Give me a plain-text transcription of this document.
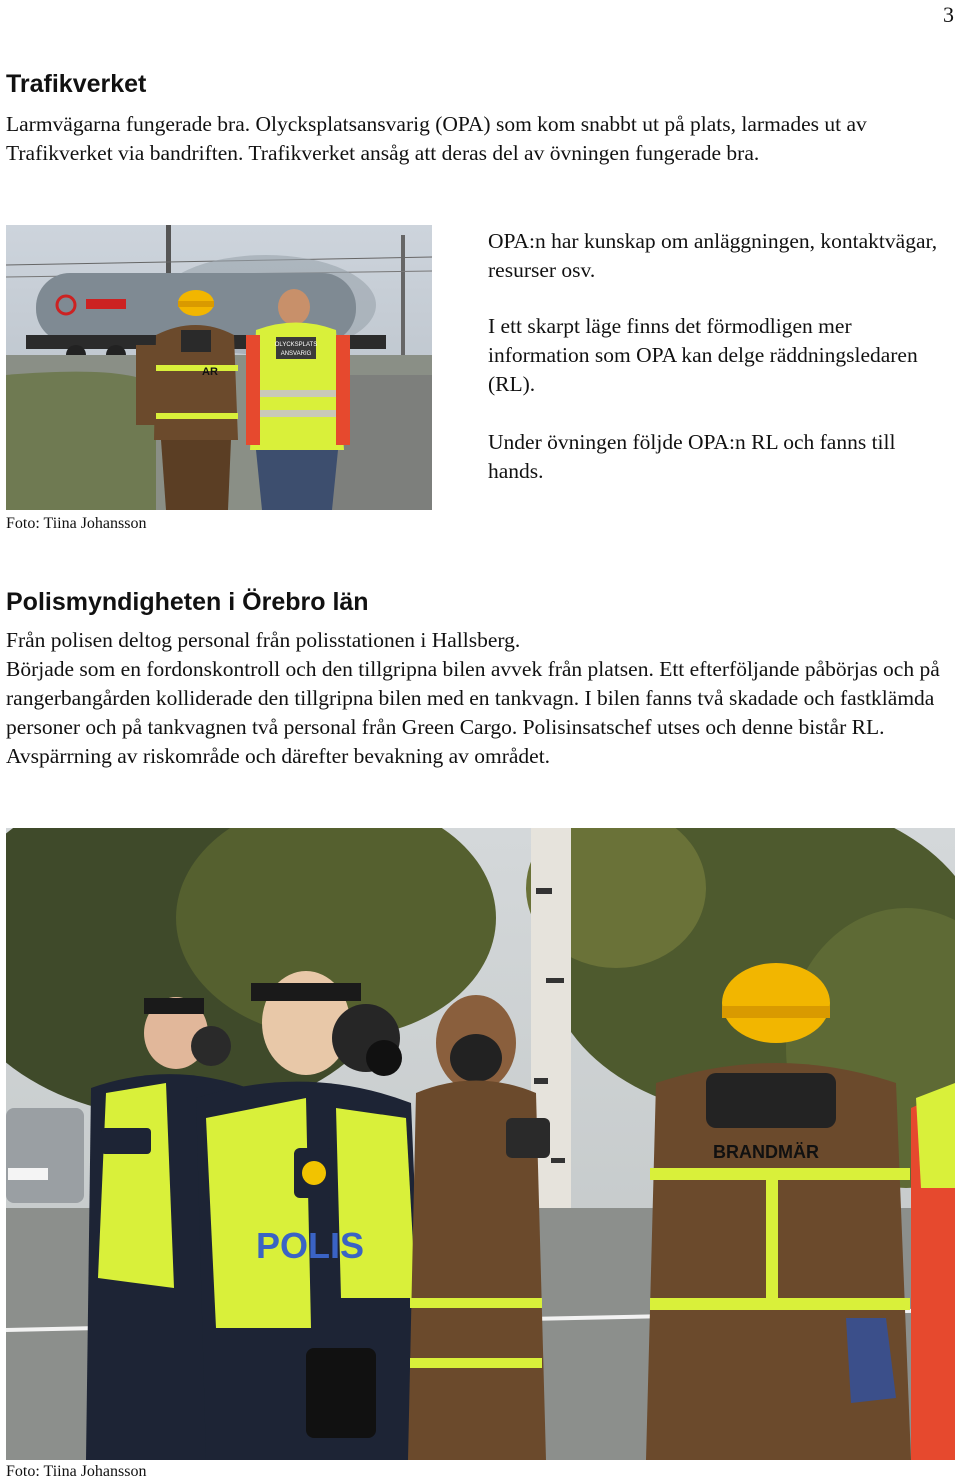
3
Trafikverket

Larmvägarna fungerade bra. Olycksplatsansvarig (OPA) som kom snabbt ut på plats, larmades ut av Trafikverket via bandriften. Trafikverket ansåg att deras del av övningen fungerade bra.

AR
OLYCKSPLATS
ANSVARIG

OPA:n har kunskap om anläggningen, kontaktvägar, resurser osv.

I ett skarpt läge finns det förmodligen mer information som OPA kan delge räddningsledaren (RL).

Under övningen följde OPA:n RL och fanns till hands.

Foto: Tiina Johansson

Polismyndigheten i Örebro län

Från polisen deltog personal från polisstationen i Hallsberg.

Började som en fordonskontroll och den tillgripna bilen avvek från platsen. Ett efterföljande påbörjas och på rangerbangården kolliderade den tillgripna bilen med en tankvagn. I bilen fanns två skadade och fastklämda personer och på tankvagnen två personal från Green Cargo. Polisinsatschef utses och denne bistår RL. Avspärrning av riskområde och därefter bevakning av området.

POLIS
BRANDMÄR

Foto: Tiina Johansson
